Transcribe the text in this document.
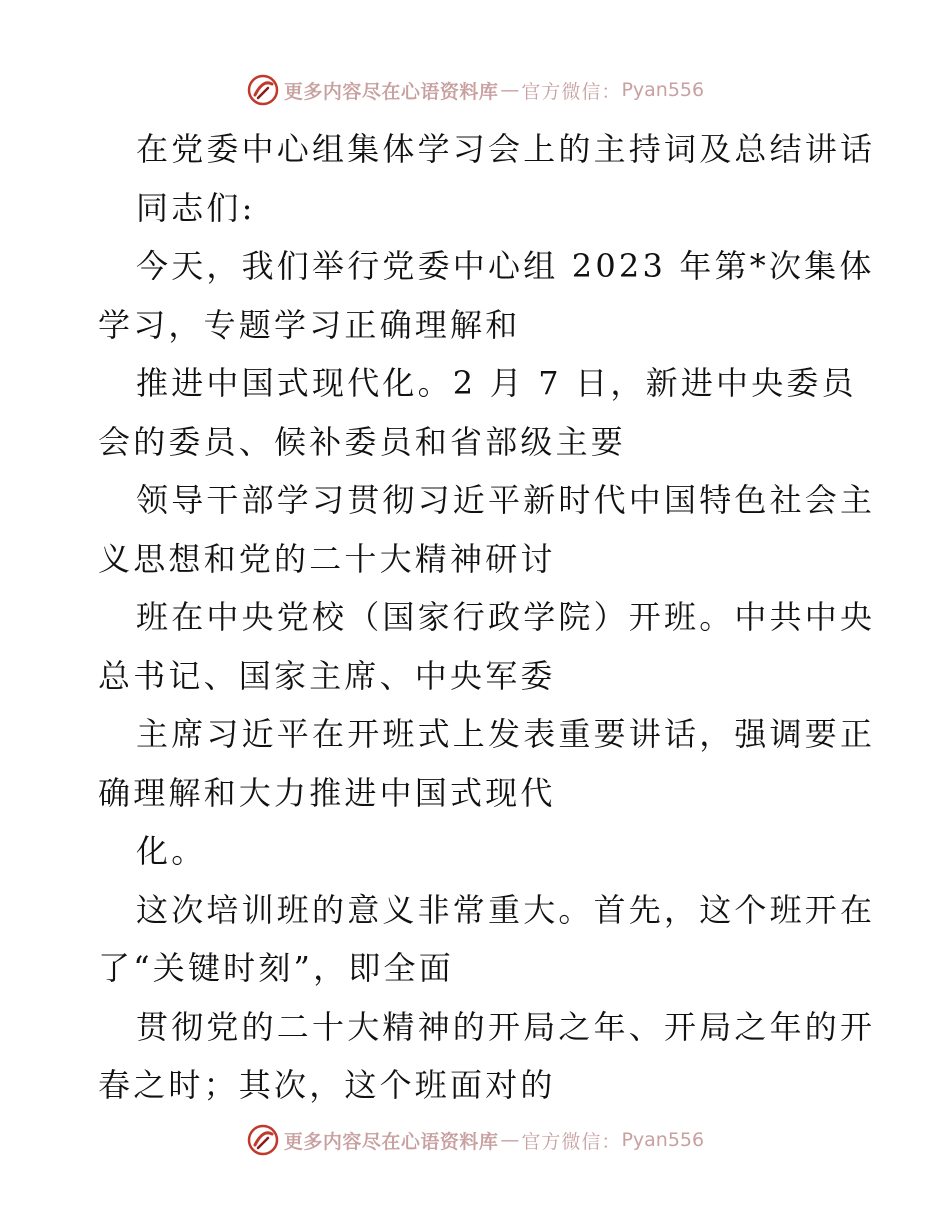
更多内容尽在心语资料库 — 官方微信： Pyan556
在党委中心组集体学习会上的主持词及总结讲话
同志们:
今天，我们举行党委中心组 2023 年第*次集体
学习，专题学习正确理解和
推进中国式现代化。2 月 7 日，新进中央委员
会的委员、候补委员和省部级主要
领导干部学习贯彻习近平新时代中国特色社会主
义思想和党的二十大精神研讨
班在中央党校（国家行政学院）开班。中共中央
总书记、国家主席、中央军委
主席习近平在开班式上发表重要讲话，强调要正
确理解和大力推进中国式现代
化。
这次培训班的意义非常重大。首先，这个班开在
了“关键时刻”，即全面
贯彻党的二十大精神的开局之年、开局之年的开
春之时；其次，这个班面对的
更多内容尽在心语资料库 — 官方微信： Pyan556
